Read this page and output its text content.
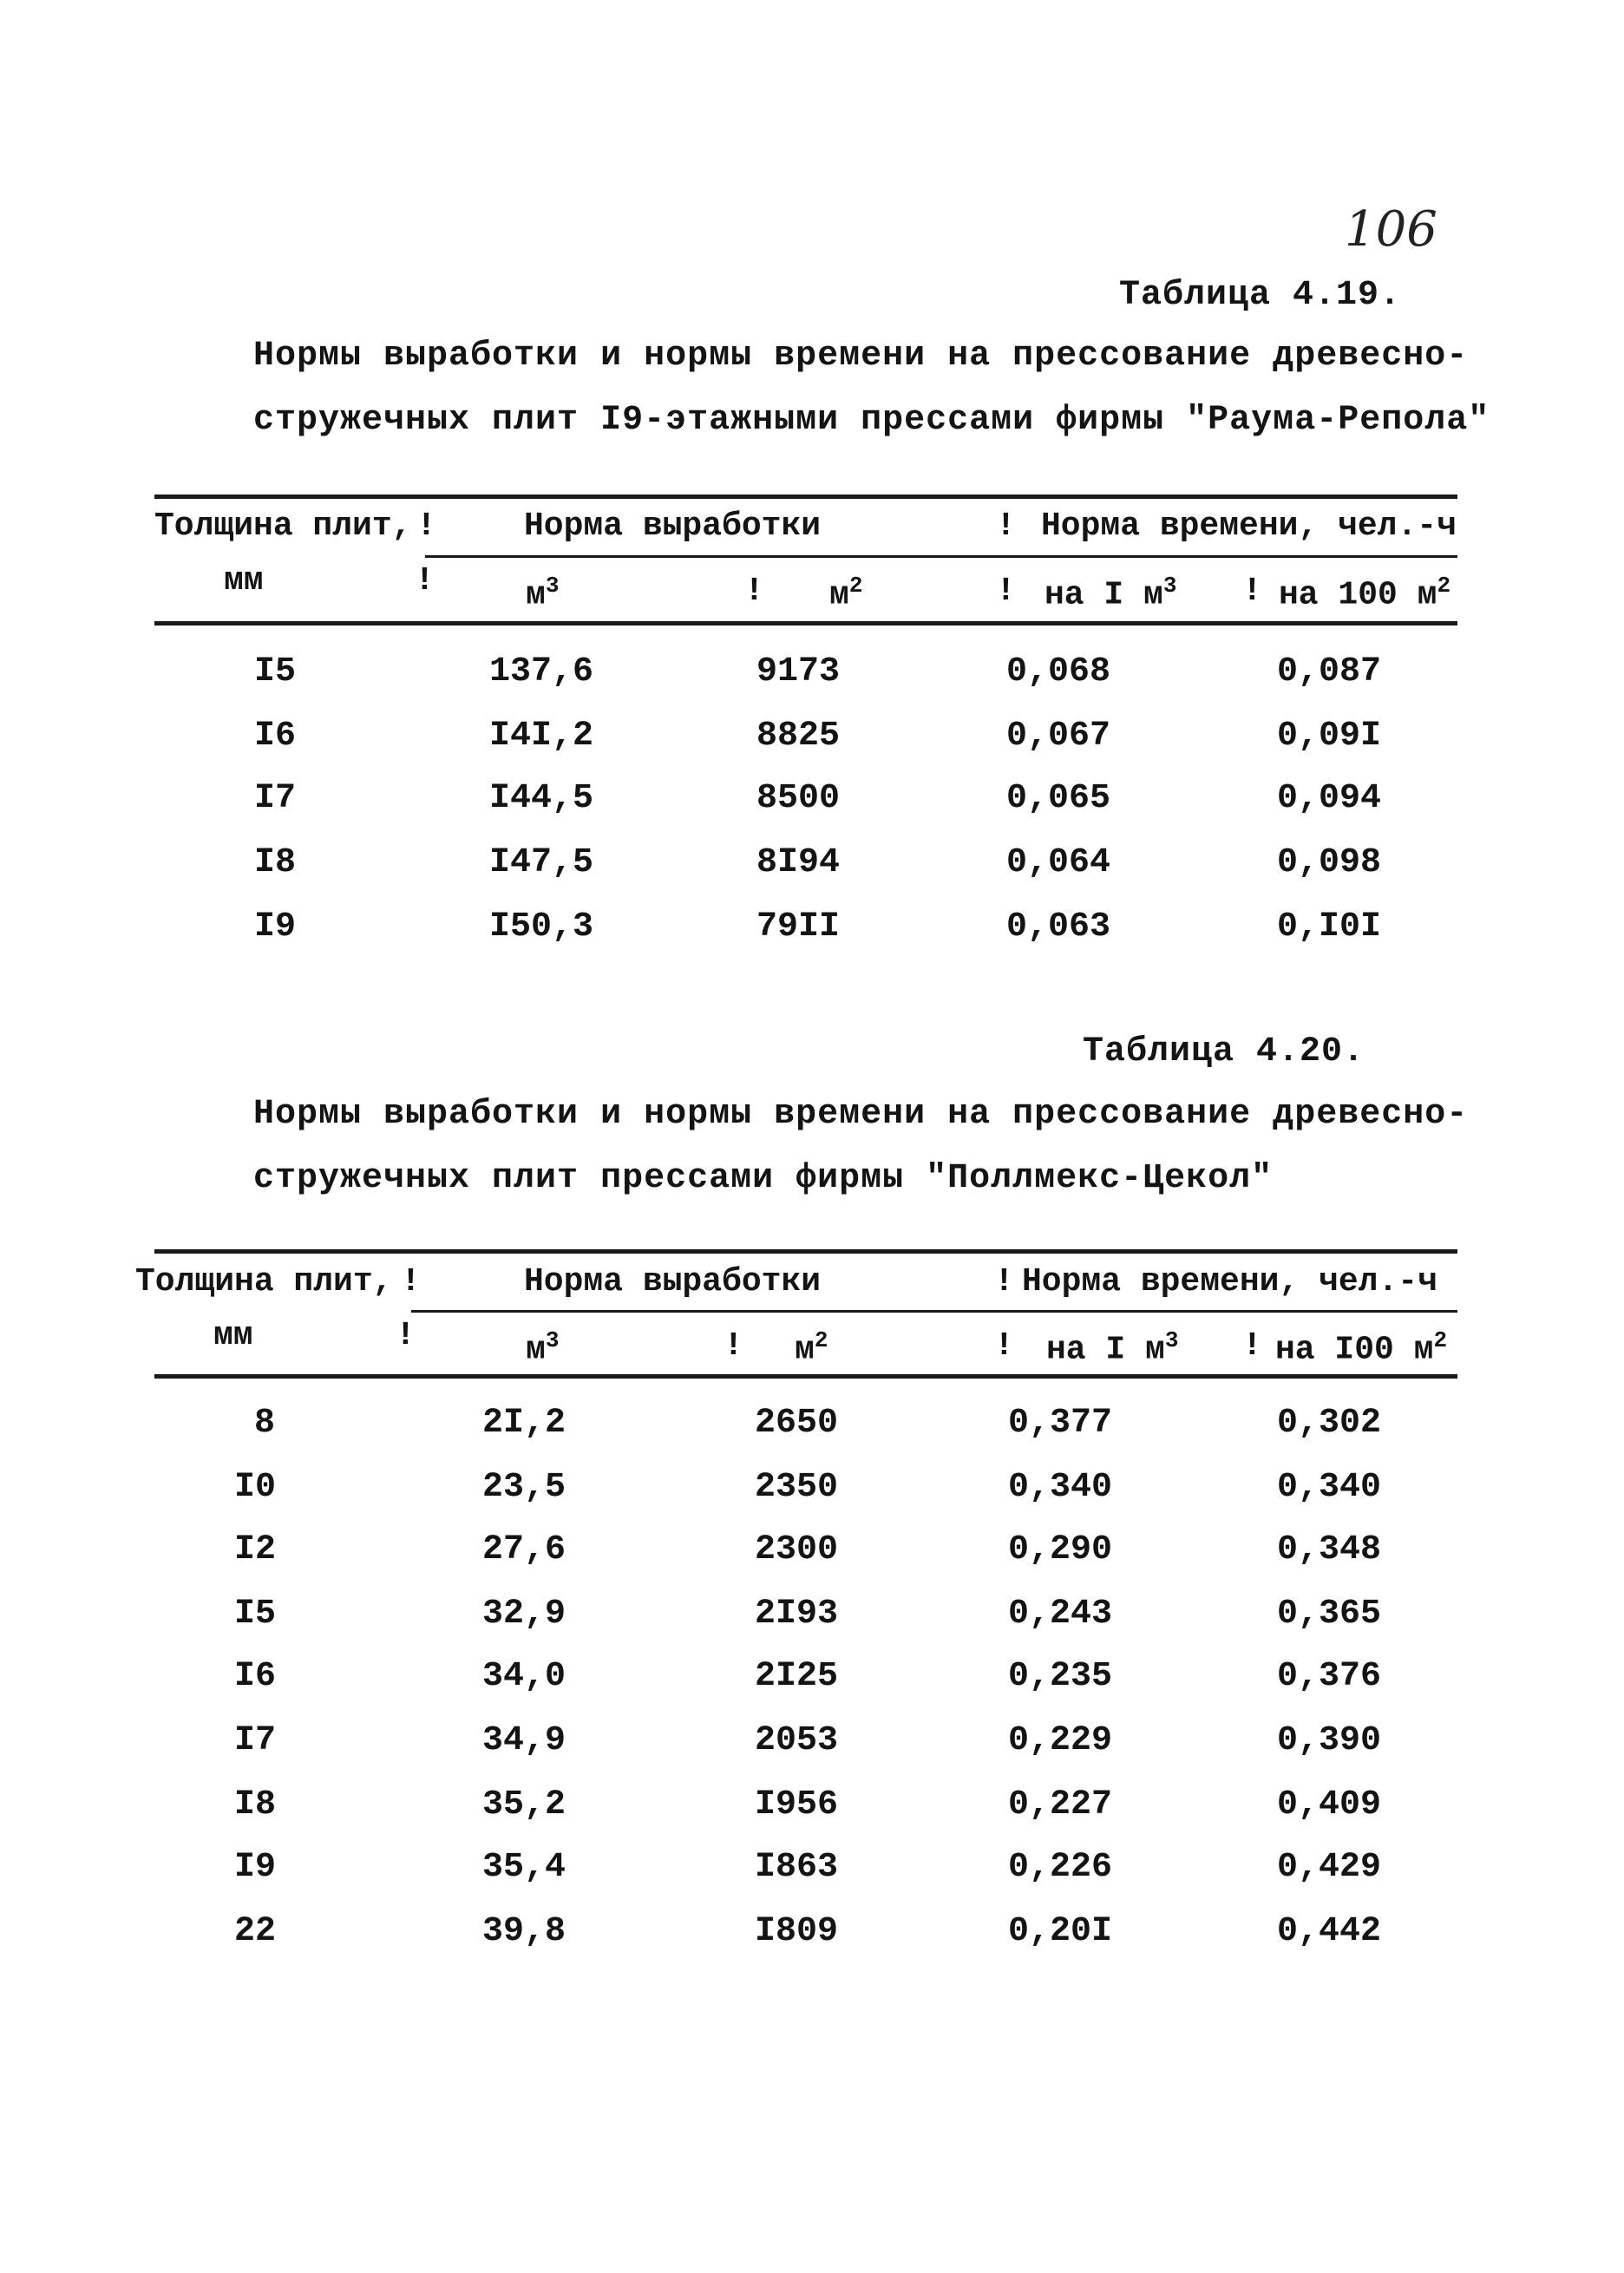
106
Таблица 4.19.
Нормы выработки и нормы времени на прессование древесно-
стружечных плит I9-этажными прессами фирмы "Раума-Репола"
Толщина плит, !	Норма выработки	! Норма времени, чел.-ч
мм	!	$м^3$	! $м^2$	! на I $м^3$ ! на 100 $м^2$
I5	137,6	9173	0,068	0,087
I6	I4I,2	8825	0,067	0,09I
I7	I44,5	8500	0,065	0,094
I8	I47,5	8I94	0,064	0,098
I9	I50,3	79II	0,063	0,I0I
Таблица 4.20.
Нормы выработки и нормы времени на прессование древесно-
стружечных плит прессами фирмы "Поллмекс-Цекол"
Толщина плит, !	Норма выработки	! Норма времени, чел.-ч
мм	!	$м^3$	! $м^2$	! на I $м^3$ ! на I00 $м^2$
8	2I,2	2650	0,377	0,302
I0	23,5	2350	0,340	0,340
I2	27,6	2300	0,290	0,348
I5	32,9	2I93	0,243	0,365
I6	34,0	2I25	0,235	0,376
I7	34,9	2053	0,229	0,390
I8	35,2	I956	0,227	0,409
I9	35,4	I863	0,226	0,429
22	39,8	I809	0,20I	0,442
